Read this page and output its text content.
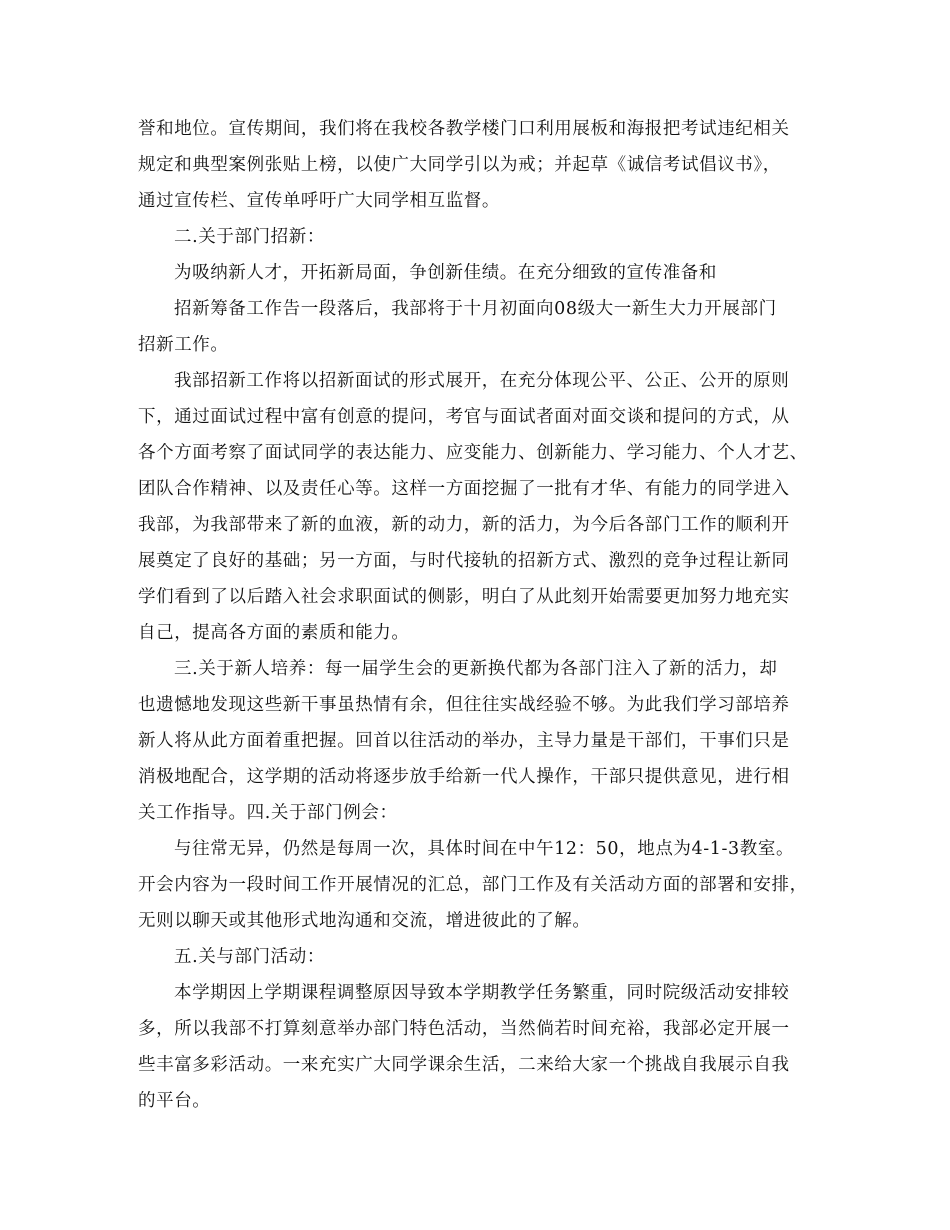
誉和地位。宣传期间，我们将在我校各教学楼门口利用展板和海报把考试违纪相关
规定和典型案例张贴上榜，以使广大同学引以为戒；并起草《诚信考试倡议书》，
通过宣传栏、宣传单呼吁广大同学相互监督。
二.关于部门招新：
为吸纳新人才，开拓新局面，争创新佳绩。在充分细致的宣传准备和
招新筹备工作告一段落后，我部将于十月初面向08级大一新生大力开展部门
招新工作。
我部招新工作将以招新面试的形式展开，在充分体现公平、公正、公开的原则
下，通过面试过程中富有创意的提问，考官与面试者面对面交谈和提问的方式，从
各个方面考察了面试同学的表达能力、应变能力、创新能力、学习能力、个人才艺、
团队合作精神、以及责任心等。这样一方面挖掘了一批有才华、有能力的同学进入
我部，为我部带来了新的血液，新的动力，新的活力，为今后各部门工作的顺利开
展奠定了良好的基础；另一方面，与时代接轨的招新方式、激烈的竞争过程让新同
学们看到了以后踏入社会求职面试的侧影，明白了从此刻开始需要更加努力地充实
自己，提高各方面的素质和能力。
三.关于新人培养：每一届学生会的更新换代都为各部门注入了新的活力，却
也遗憾地发现这些新干事虽热情有余，但往往实战经验不够。为此我们学习部培养
新人将从此方面着重把握。回首以往活动的举办，主导力量是干部们，干事们只是
消极地配合，这学期的活动将逐步放手给新一代人操作，干部只提供意见，进行相
关工作指导。四.关于部门例会：
与往常无异，仍然是每周一次，具体时间在中午12：50，地点为4-1-3教室。
开会内容为一段时间工作开展情况的汇总，部门工作及有关活动方面的部署和安排，
无则以聊天或其他形式地沟通和交流，增进彼此的了解。
五.关与部门活动：
本学期因上学期课程调整原因导致本学期教学任务繁重，同时院级活动安排较
多，所以我部不打算刻意举办部门特色活动，当然倘若时间充裕，我部必定开展一
些丰富多彩活动。一来充实广大同学课余生活，二来给大家一个挑战自我展示自我
的平台。
